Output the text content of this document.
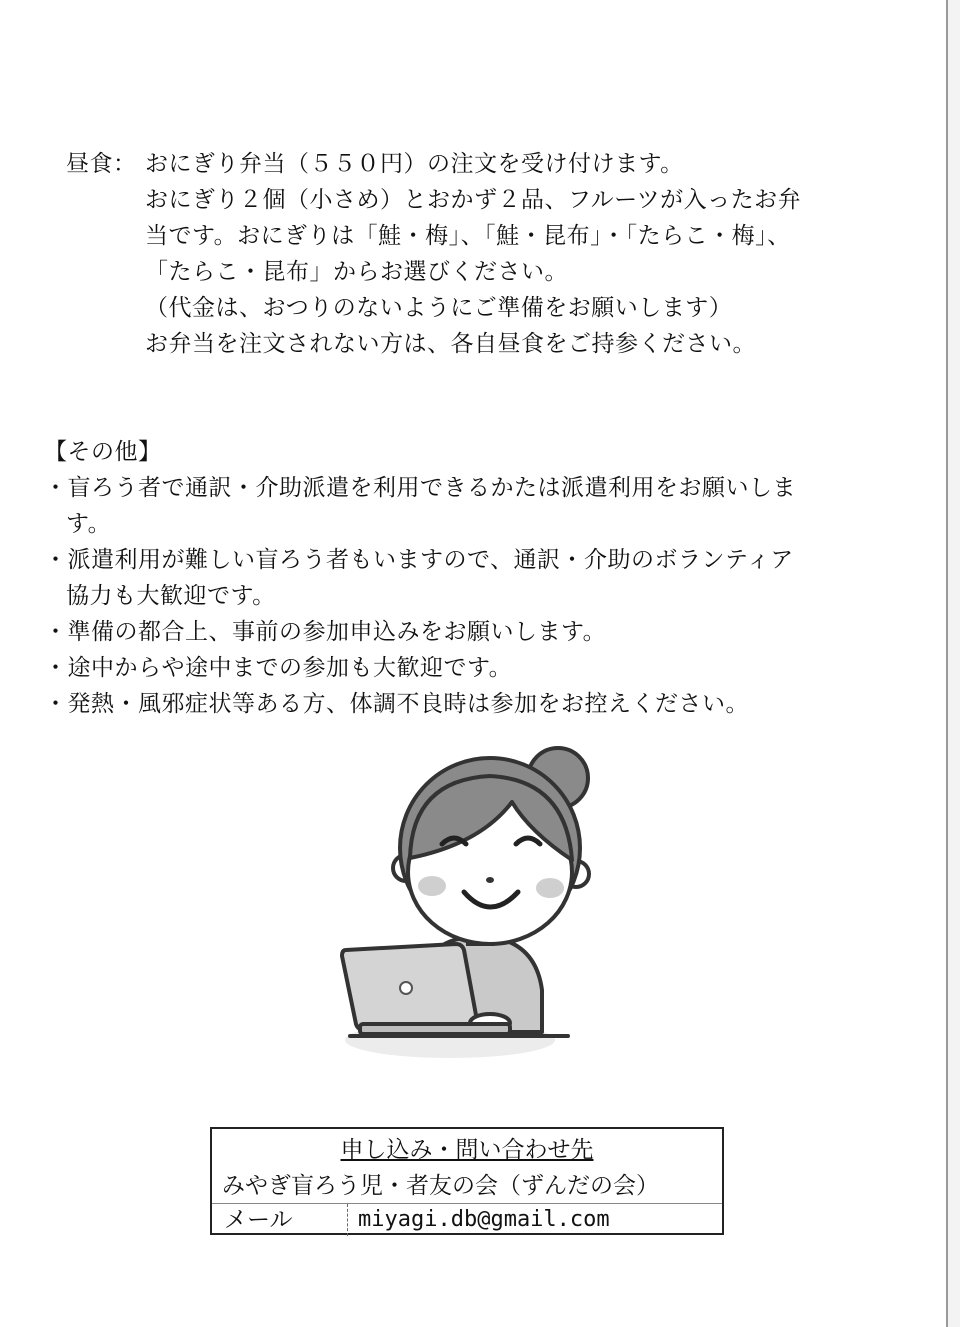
昼食： おにぎり弁当（５５０円）の注文を受け付けます。
おにぎり２個（小さめ）とおかず２品、フルーツが入ったお弁
当です。おにぎりは「鮭・梅」、「鮭・昆布」・「たらこ・梅」、
「たらこ・昆布」からお選びください。
（代金は、おつりのないようにご準備をお願いします）
お弁当を注文されない方は、各自昼食をご持参ください。
【その他】
・盲ろう者で通訳・介助派遣を利用できるかたは派遣利用をお願いしま
す。
・派遣利用が難しい盲ろう者もいますので、通訳・介助のボランティア
協力も大歓迎です。
・準備の都合上、事前の参加申込みをお願いします。
・途中からや途中までの参加も大歓迎です。
・発熱・風邪症状等ある方、体調不良時は参加をお控えください。
申し込み・問い合わせ先
みやぎ盲ろう児・者友の会（ずんだの会）
メール	miyagi.db@gmail.com
